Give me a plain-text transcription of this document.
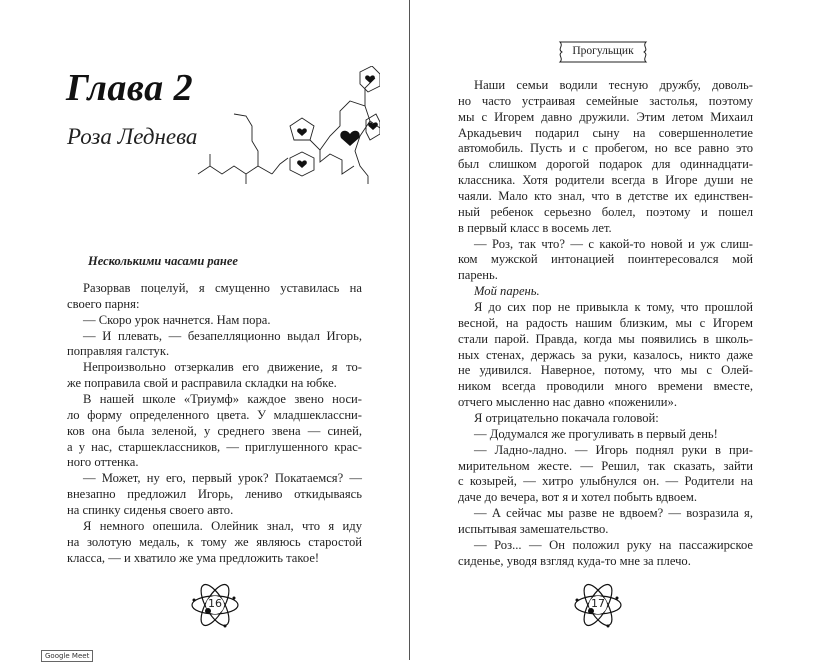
Глава 2
Роза Леднева
Несколькими часами ранее
Разорвав поцелуй, я смущенно уставилась на
своего парня:
— Скоро урок начнется. Нам пора.
— И плевать, — безапелляционно выдал Игорь,
поправляя галстук.
Непроизвольно отзеркалив его движение, я то-
же поправила свой и расправила складки на юбке.
В нашей школе «Триумф» каждое звено носи-
ло форму определенного цвета. У младшеклассни-
ков она была зеленой, у среднего звена — синей,
а у нас, старшеклассников, — приглушенного крас-
ного оттенка.
— Может, ну его, первый урок? Покатаемся? —
внезапно предложил Игорь, лениво откидываясь
на спинку сиденья своего авто.
Я немного опешила. Олейник знал, что я иду
на золотую медаль, к тому же являюсь старостой
класса, — и хватило же ума предложить такое!
16
Google Meet
Прогульщик
Наши семьи водили тесную дружбу, доволь-
но часто устраивая семейные застолья, поэтому
мы с Игорем давно дружили. Этим летом Михаил
Аркадьевич подарил сыну на совершеннолетие
автомобиль. Пусть и с пробегом, но все равно это
был слишком дорогой подарок для одиннадцати-
классника. Хотя родители всегда в Игоре души не
чаяли. Мало кто знал, что в детстве их единствен-
ный ребенок серьезно болел, поэтому и пошел
в первый класс в восемь лет.
— Роз, так что? — с какой-то новой и уж слиш-
ком мужской интонацией поинтересовался мой
парень.
Мой парень.
Я до сих пор не привыкла к тому, что прошлой
весной, на радость нашим близким, мы с Игорем
стали парой. Правда, когда мы появились в школь-
ных стенах, держась за руки, казалось, никто даже
не удивился. Наверное, потому, что мы с Олей-
ником всегда проводили много времени вместе,
отчего мысленно нас давно «поженили».
Я отрицательно покачала головой:
— Додумался же прогуливать в первый день!
— Ладно-ладно. — Игорь поднял руки в при-
мирительном жесте. — Решил, так сказать, зайти
с козырей, — хитро улыбнулся он. — Родители на
даче до вечера, вот я и хотел побыть вдвоем.
— А сейчас мы разве не вдвоем? — возразила я,
испытывая замешательство.
— Роз... — Он положил руку на пассажирское
сиденье, уводя взгляд куда-то мне за плечо.
17
